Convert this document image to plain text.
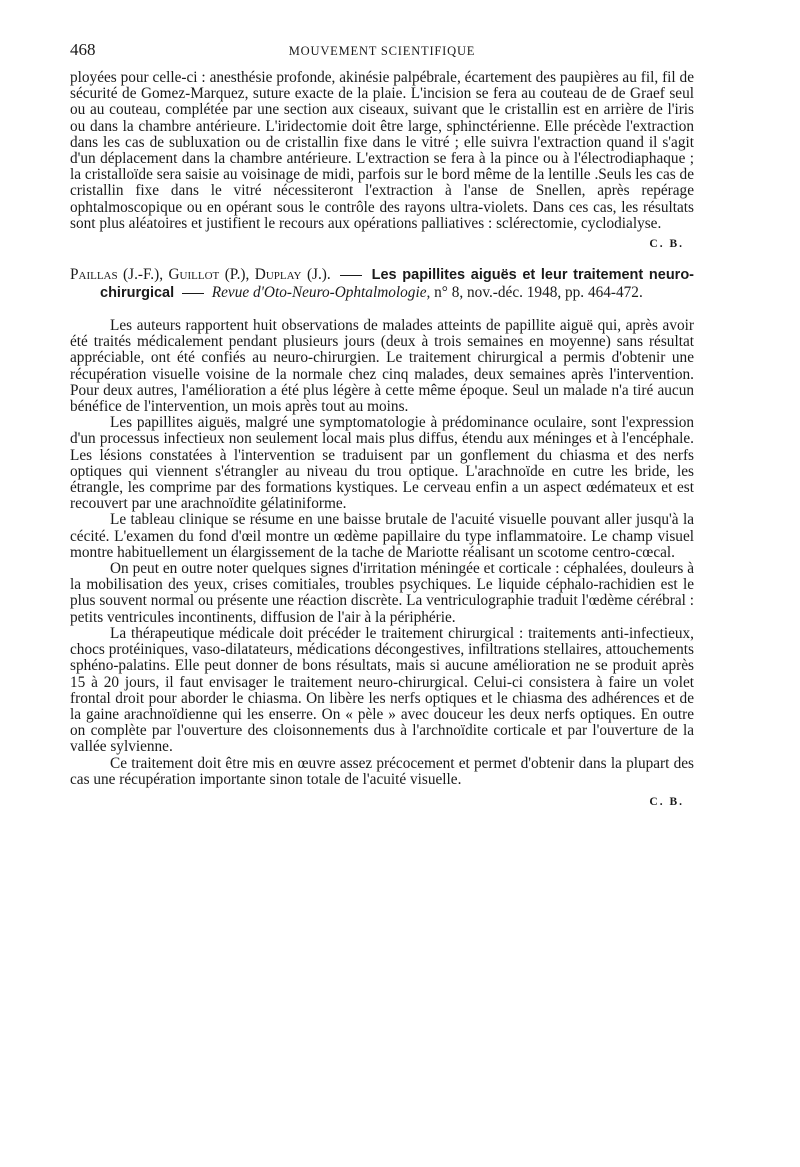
468	MOUVEMENT SCIENTIFIQUE

ployées pour celle-ci : anesthésie profonde, akinésie palpébrale, écartement des paupières au fil, fil de sécurité de Gomez-Marquez, suture exacte de la plaie. L'incision se fera au couteau de de Graef seul ou au couteau, complétée par une section aux ciseaux, suivant que le cristallin est en arrière de l'iris ou dans la chambre antérieure. L'iridectomie doit être large, sphinctérienne. Elle précède l'extraction dans les cas de subluxation ou de cristallin fixe dans le vitré ; elle suivra l'extraction quand il s'agit d'un déplacement dans la chambre antérieure. L'extraction se fera à la pince ou à l'électrodiaphaque ; la cristalloïde sera saisie au voisinage de midi, parfois sur le bord même de la lentille .Seuls les cas de cristallin fixe dans le vitré nécessiteront l'extraction à l'anse de Snellen, après repérage ophtalmoscopique ou en opérant sous le contrôle des rayons ultra-violets. Dans ces cas, les résultats sont plus aléatoires et justifient le recours aux opérations palliatives : sclérectomie, cyclodialyse.

C. B.
Paillas (J.-F.), Guillot (P.), Duplay (J.).	Les papillites aiguës et leur traitement neuro-chirurgical Revue d'Oto-Neuro-Ophtalmologie, n° 8, nov.-déc. 1948, pp. 464-472.

Les auteurs rapportent huit observations de malades atteints de papillite aiguë qui, après avoir été traités médicalement pendant plusieurs jours (deux à trois semaines en moyenne) sans résultat appréciable, ont été confiés au neuro-chirurgien. Le traitement chirurgical a permis d'obtenir une récupération visuelle voisine de la normale chez cinq malades, deux semaines après l'intervention. Pour deux autres, l'amélioration a été plus légère à cette même époque. Seul un malade n'a tiré aucun bénéfice de l'intervention, un mois après tout au moins.

Les papillites aiguës, malgré une symptomatologie à prédominance oculaire, sont l'expression d'un processus infectieux non seulement local mais plus diffus, étendu aux méninges et à l'encéphale. Les lésions constatées à l'intervention se traduisent par un gonflement du chiasma et des nerfs optiques qui viennent s'étrangler au niveau du trou optique. L'arachnoïde en cutre les bride, les étrangle, les comprime par des formations kystiques. Le cerveau enfin a un aspect œdémateux et est recouvert par une arachnoïdite gélatiniforme.

Le tableau clinique se résume en une baisse brutale de l'acuité visuelle pouvant aller jusqu'à la cécité. L'examen du fond d'œil montre un œdème papillaire du type inflammatoire. Le champ visuel montre habituellement un élargissement de la tache de Mariotte réalisant un scotome centro-cœcal.

On peut en outre noter quelques signes d'irritation méningée et corticale : céphalées, douleurs à la mobilisation des yeux, crises comitiales, troubles psychiques. Le liquide céphalo-rachidien est le plus souvent normal ou présente une réaction discrète. La ventriculographie traduit l'œdème cérébral : petits ventricules incontinents, diffusion de l'air à la périphérie.

La thérapeutique médicale doit précéder le traitement chirurgical : traitements anti-infectieux, chocs protéiniques, vaso-dilatateurs, médications décongestives, infiltrations stellaires, attouchements sphéno-palatins. Elle peut donner de bons résultats, mais si aucune amélioration ne se produit après 15 à 20 jours, il faut envisager le traitement neuro-chirurgical. Celui-ci consistera à faire un volet frontal droit pour aborder le chiasma. On libère les nerfs optiques et le chiasma des adhérences et de la gaine arachnoïdienne qui les enserre. On « pèle » avec douceur les deux nerfs optiques. En outre on complète par l'ouverture des cloisonnements dus à l'archnoïdite corticale et par l'ouverture de la vallée sylvienne.

Ce traitement doit être mis en œuvre assez précocement et permet d'obtenir dans la plupart des cas une récupération importante sinon totale de l'acuité visuelle.

C. B.
